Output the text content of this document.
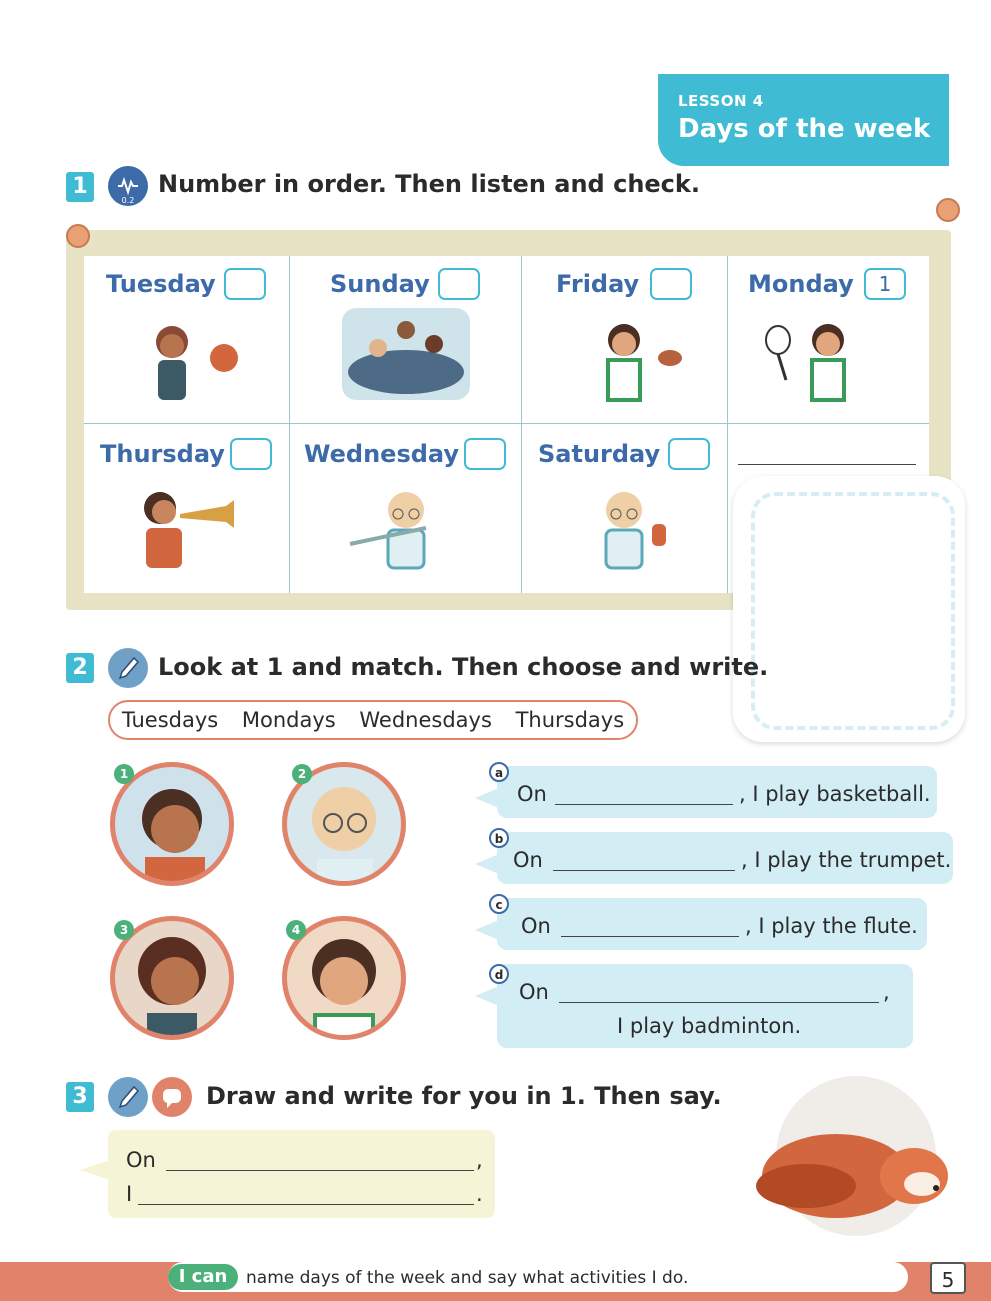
LESSON 4
Days of the week
1
0.2
Number in order. Then listen and check.
Tuesday	Sunday	Friday	Monday	1
Thursday	Wednesday	Saturday
2	Look at 1 and match. Then choose and write.
Tuesdays Mondays Wednesdays Thursdays
1	2
3	4
On	, I play basketball.
a
On	, I play the trumpet.
b
On	, I play the flute.
c
On	,
I play badminton.
d
3	Draw and write for you in 1. Then say.
On	,
I	.
I can	name days of the week and say what activities I do.	5
